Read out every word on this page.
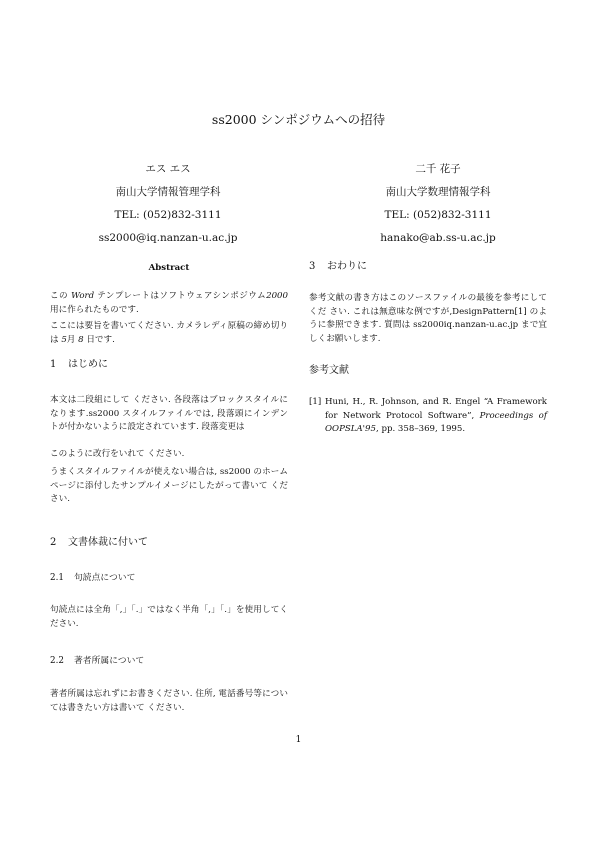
ss2000 シンポジウムへの招待
エス エス
南山大学情報管理学科
TEL: (052)832-3111
ss2000@iq.nanzan-u.ac.jp
二千 花子
南山大学数理情報学科
TEL: (052)832-3111
hanako@ab.ss-u.ac.jp
Abstract

この Word テンプレートはソフトウェアシンポジウム2000 用に作られたものです.

ここには要旨を書いてください. カメラレディ原稿の締め切りは 5月 8 日です.

1 はじめに

本文は二段組にして ください. 各段落はブロックスタイルになります.ss2000 スタイルファイルでは, 段落頭にインデントが付かないように設定されています. 段落変更は

このように改行をいれて ください.

うまくスタイルファイルが使えない場合は, ss2000 のホームページに添付したサンプルイメージにしたがって書いて ください.

2 文書体裁に付いて
2.1 句読点について

句読点には全角「,」「.」ではなく半角「,」「.」を使用してください.

2.2 著者所属について

著者所属は忘れずにお書きください. 住所, 電話番号等については書きたい方は書いて ください.

3 おわりに

参考文献の書き方はこのソースファイルの最後を参考にしてくだ さい. これは無意味な例ですが,DesignPattern[1] のように参照できます. 質問は ss2000iq.nanzan-u.ac.jp まで宜しくお願いします.

参考文献
[1] Huni, H., R. Johnson, and R. Engel “A Framework for Network Protocol Software”, Proceedings of OOPSLA'95, pp. 358–369, 1995.

1
